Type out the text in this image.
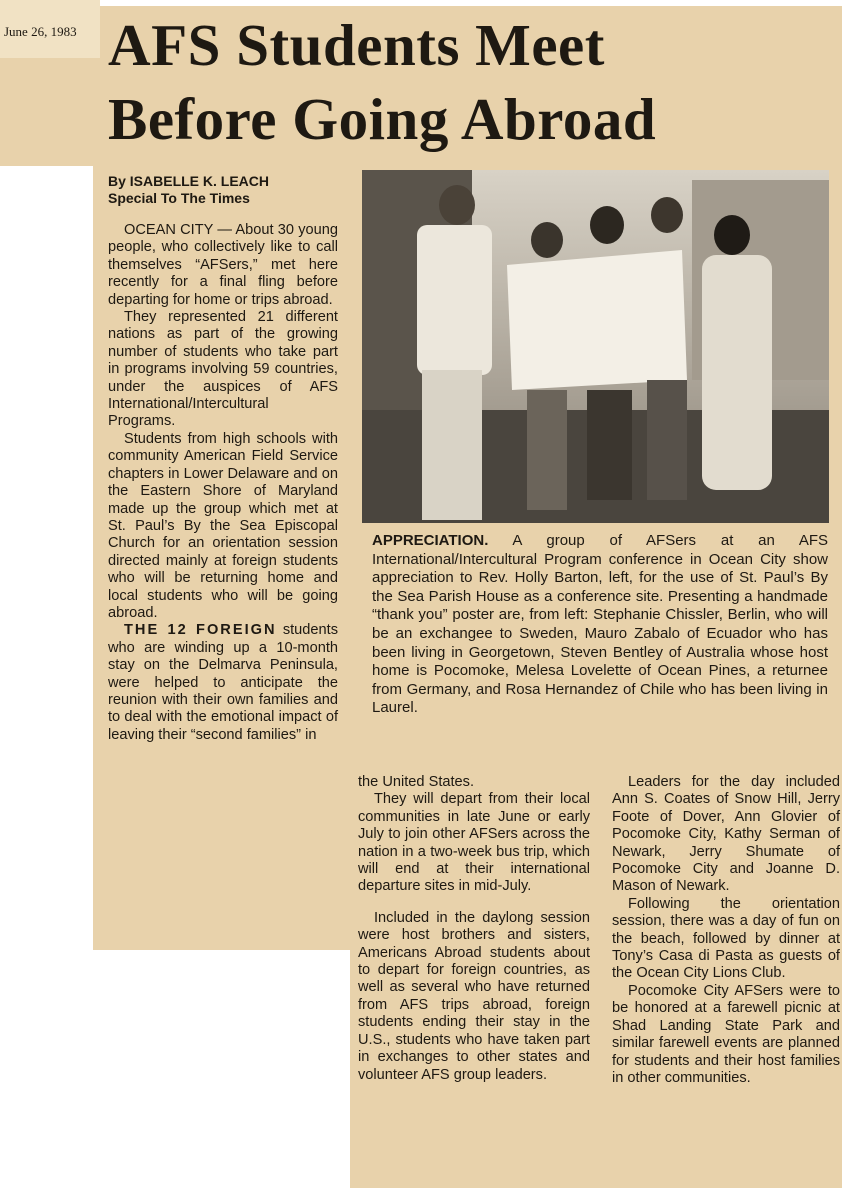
June 26, 1983 AFS Students Meet
Before Going Abroad
By ISABELLE K. LEACH
Special To The Times

OCEAN CITY — About 30 young people, who collectively like to call themselves “AFSers,” met here recently for a final fling before departing for home or trips abroad.

They represented 21 different nations as part of the growing number of students who take part in programs involving 59 countries, under the auspices of AFS International/Intercultural Programs.

Students from high schools with community American Field Service chapters in Lower Delaware and on the Eastern Shore of Maryland made up the group which met at St. Paul’s By the Sea Episcopal Church for an orientation session directed mainly at foreign students who will be returning home and local students who will be going abroad.

THE 12 FOREIGN students who are winding up a 10-month stay on the Delmarva Peninsula, were helped to anticipate the reunion with their own families and to deal with the emotional impact of leaving their “second families” in

APPRECIATION. A group of AFSers at an AFS International/Intercultural Program conference in Ocean City show appreciation to Rev. Holly Barton, left, for the use of St. Paul’s By the Sea Parish House as a conference site. Presenting a handmade “thank you” poster are, from left: Stephanie Chissler, Berlin, who will be an exchangee to Sweden, Mauro Zabalo of Ecuador who has been living in Georgetown, Steven Bentley of Australia whose host home is Pocomoke, Melesa Lovelette of Ocean Pines, a returnee from Germany, and Rosa Hernandez of Chile who has been living in Laurel.

the United States.

They will depart from their local communities in late June or early July to join other AFSers across the nation in a two-week bus trip, which will end at their international departure sites in mid-July.

Included in the daylong session were host brothers and sisters, Americans Abroad students about to depart for foreign countries, as well as several who have returned from AFS trips abroad, foreign students ending their stay in the U.S., students who have taken part in exchanges to other states and volunteer AFS group leaders.

Leaders for the day included Ann S. Coates of Snow Hill, Jerry Foote of Dover, Ann Glovier of Pocomoke City, Kathy Serman of Newark, Jerry Shumate of Pocomoke City and Joanne D. Mason of Newark.

Following the orientation session, there was a day of fun on the beach, followed by dinner at Tony’s Casa di Pasta as guests of the Ocean City Lions Club.

Pocomoke City AFSers were to be honored at a farewell picnic at Shad Landing State Park and similar farewell events are planned for students and their host families in other communities.
